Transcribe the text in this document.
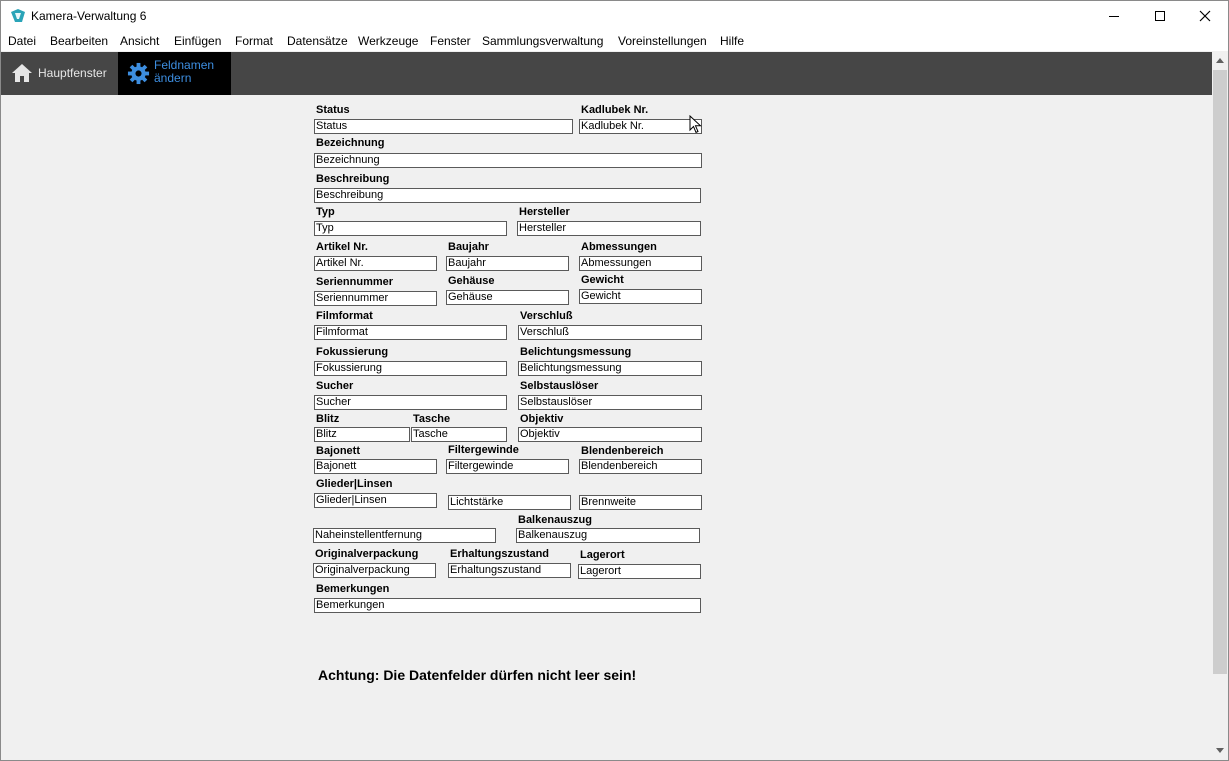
Kamera-Verwaltung 6
Datei Bearbeiten Ansicht Einfügen Format Datensätze Werkzeuge Fenster Sammlungsverwaltung Voreinstellungen Hilfe
Hauptfenster
Feldnamen
ändern
Status	Kadlubek Nr.
Status	Kadlubek Nr.
Bezeichnung
Bezeichnung
Beschreibung
Beschreibung
Typ	Hersteller
Typ	Hersteller
Artikel Nr.	Baujahr	Abmessungen
Artikel Nr.	Baujahr	Abmessungen
Seriennummer	Gehäuse	Gewicht
Seriennummer	Gehäuse	Gewicht
Filmformat	Verschluß
Filmformat	Verschluß
Fokussierung	Belichtungsmessung
Fokussierung	Belichtungsmessung
Sucher	Selbstauslöser
Sucher	Selbstauslöser
Blitz	Tasche	Objektiv
Blitz	Tasche	Objektiv
Bajonett	Filtergewinde	Blendenbereich
Bajonett	Filtergewinde	Blendenbereich
Glieder|Linsen
Glieder|Linsen	Lichtstärke	Brennweite
Balkenauszug
Naheinstellentfernung	Balkenauszug
Originalverpackung	Erhaltungszustand	Lagerort
Originalverpackung	Erhaltungszustand	Lagerort
Bemerkungen
Bemerkungen
Achtung: Die Datenfelder dürfen nicht leer sein!
